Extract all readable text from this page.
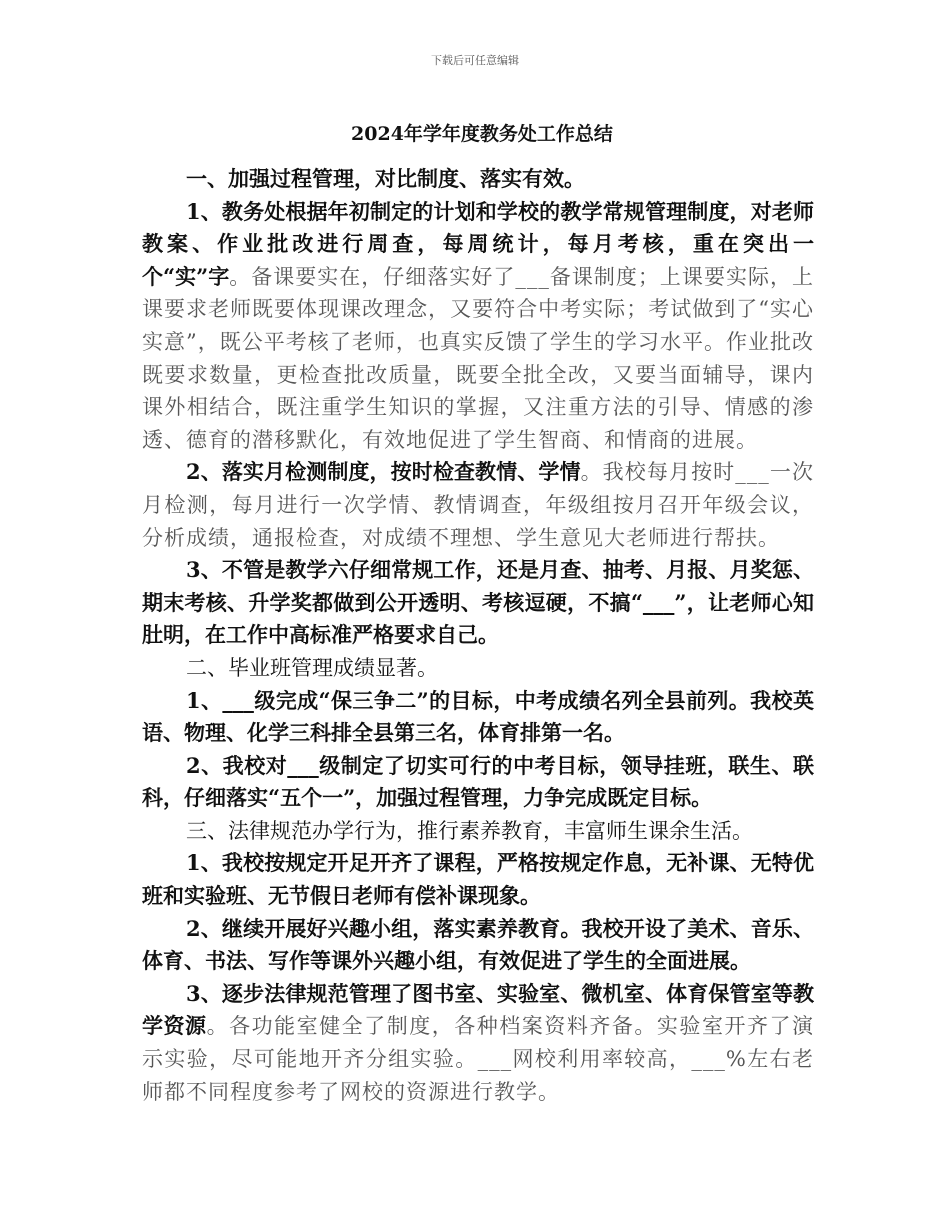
下载后可任意编辑
2024年学年度教务处工作总结

一、加强过程管理，对比制度、落实有效。

1、教务处根据年初制定的计划和学校的教学常规管理制度，对老师教案、作业批改进行周查，每周统计，每月考核，重在突出一个“实”字。备课要实在，仔细落实好了___备课制度；上课要实际，上课要求老师既要体现课改理念，又要符合中考实际；考试做到了“实心实意”，既公平考核了老师，也真实反馈了学生的学习水平。作业批改既要求数量，更检查批改质量，既要全批全改，又要当面辅导，课内课外相结合，既注重学生知识的掌握，又注重方法的引导、情感的渗透、德育的潜移默化，有效地促进了学生智商、和情商的进展。

2、落实月检测制度，按时检查教情、学情。我校每月按时___一次月检测，每月进行一次学情、教情调查，年级组按月召开年级会议，分析成绩，通报检查，对成绩不理想、学生意见大老师进行帮扶。

3、不管是教学六仔细常规工作，还是月查、抽考、月报、月奖惩、期末考核、升学奖都做到公开透明、考核逗硬，不搞“___”，让老师心知肚明，在工作中高标准严格要求自己。

二、毕业班管理成绩显著。

1、___级完成“保三争二”的目标，中考成绩名列全县前列。我校英语、物理、化学三科排全县第三名，体育排第一名。

2、我校对___级制定了切实可行的中考目标，领导挂班，联生、联科，仔细落实“五个一”，加强过程管理，力争完成既定目标。

三、法律规范办学行为，推行素养教育，丰富师生课余生活。

1、我校按规定开足开齐了课程，严格按规定作息，无补课、无特优班和实验班、无节假日老师有偿补课现象。

2、继续开展好兴趣小组，落实素养教育。我校开设了美术、音乐、体育、书法、写作等课外兴趣小组，有效促进了学生的全面进展。

3、逐步法律规范管理了图书室、实验室、微机室、体育保管室等教学资源。各功能室健全了制度，各种档案资料齐备。实验室开齐了演示实验，尽可能地开齐分组实验。___网校利用率较高，___%左右老师都不同程度参考了网校的资源进行教学。
